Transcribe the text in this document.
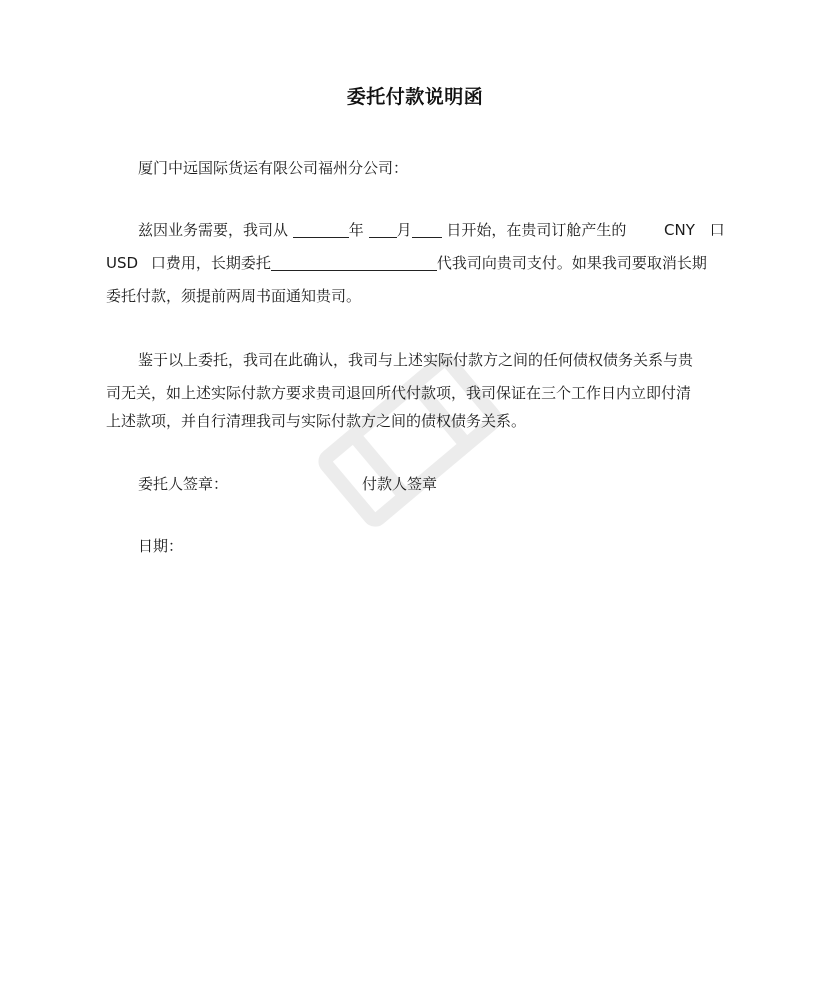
委托付款说明函
厦门中远国际货运有限公司福州分公司：
兹因业务需要，我司从	年 月 日开始，在贵司订舱产生的	CNY 口
USD 口费用，长期委托	代我司向贵司支付。如果我司要取消长期
委托付款，须提前两周书面通知贵司。
鉴于以上委托，我司在此确认，我司与上述实际付款方之间的任何债权债务关系与贵
司无关，如上述实际付款方要求贵司退回所代付款项，我司保证在三个工作日内立即付清
上述款项，并自行清理我司与实际付款方之间的债权债务关系。
委托人签章：	付款人签章
日期：
